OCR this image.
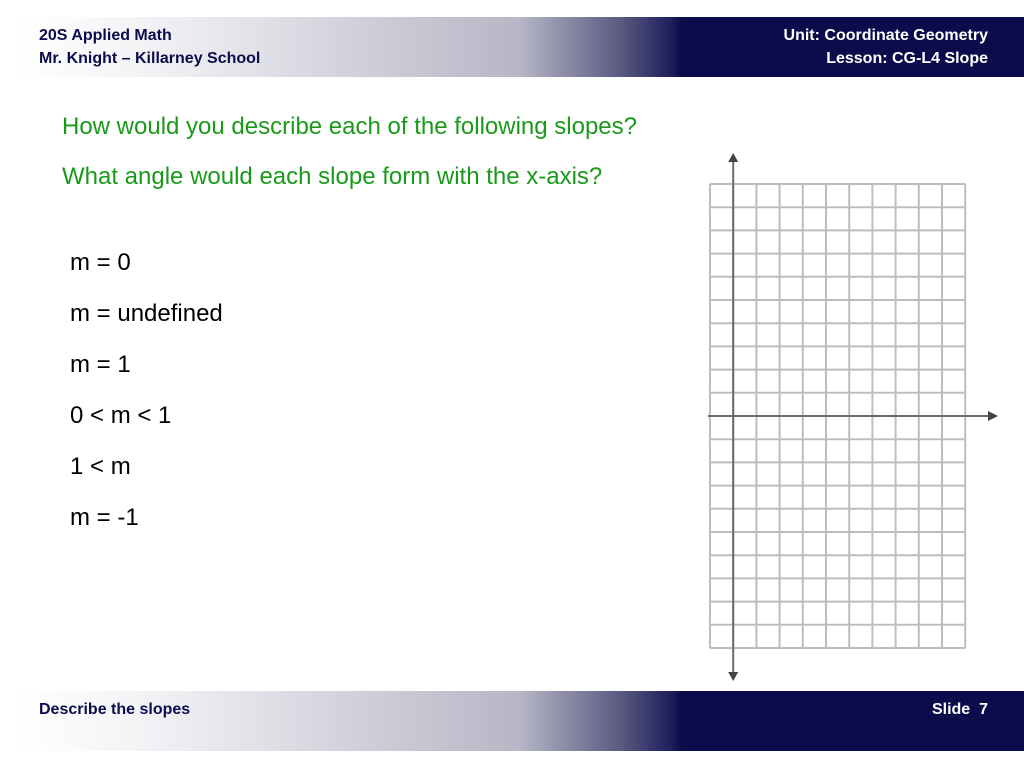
20S Applied Math
Mr. Knight – Killarney School
Unit: Coordinate Geometry
Lesson: CG-L4 Slope
How would you describe each of the following slopes?
What angle would each slope form with the x-axis?
m = 0
m = undefined
m = 1
0 < m < 1
1 < m
m = -1
Describe the slopes	Slide 7
